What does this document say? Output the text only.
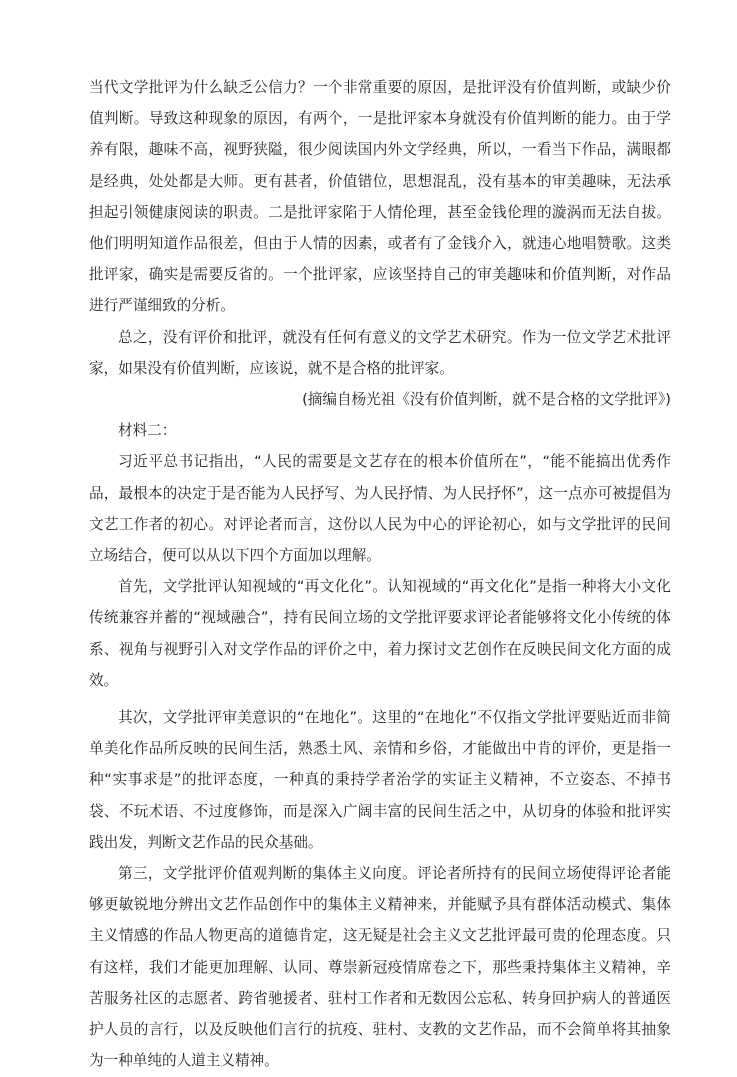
当代文学批评为什么缺乏公信力？一个非常重要的原因，是批评没有价值判断，或缺少价值判断。导致这种现象的原因，有两个，一是批评家本身就没有价值判断的能力。由于学养有限，趣味不高，视野狭隘，很少阅读国内外文学经典，所以，一看当下作品，满眼都是经典，处处都是大师。更有甚者，价值错位，思想混乱，没有基本的审美趣味，无法承担起引领健康阅读的职责。二是批评家陷于人情伦理，甚至金钱伦理的漩涡而无法自拔。他们明明知道作品很差，但由于人情的因素，或者有了金钱介入，就违心地唱赞歌。这类批评家，确实是需要反省的。一个批评家，应该坚持自己的审美趣味和价值判断，对作品进行严谨细致的分析。

总之，没有评价和批评，就没有任何有意义的文学艺术研究。作为一位文学艺术批评家，如果没有价值判断，应该说，就不是合格的批评家。

(摘编自杨光祖《没有价值判断，就不是合格的文学批评》)

材料二：

习近平总书记指出，“人民的需要是文艺存在的根本价值所在”，“能不能搞出优秀作品，最根本的决定于是否能为人民抒写、为人民抒情、为人民抒怀”，这一点亦可被提倡为文艺工作者的初心。对评论者而言，这份以人民为中心的评论初心，如与文学批评的民间立场结合，便可以从以下四个方面加以理解。

首先，文学批评认知视域的“再文化化”。认知视域的“再文化化”是指一种将大小文化传统兼容并蓄的“视域融合”，持有民间立场的文学批评要求评论者能够将文化小传统的体系、视角与视野引入对文学作品的评价之中，着力探讨文艺创作在反映民间文化方面的成效。

其次，文学批评审美意识的“在地化”。这里的“在地化”不仅指文学批评要贴近而非简单美化作品所反映的民间生活，熟悉土风、亲情和乡俗，才能做出中肯的评价，更是指一种“实事求是”的批评态度，一种真的秉持学者治学的实证主义精神，不立姿态、不掉书袋、不玩术语、不过度修饰，而是深入广阔丰富的民间生活之中，从切身的体验和批评实践出发，判断文艺作品的民众基础。

第三，文学批评价值观判断的集体主义向度。评论者所持有的民间立场使得评论者能够更敏锐地分辨出文艺作品创作中的集体主义精神来，并能赋予具有群体活动模式、集体主义情感的作品人物更高的道德肯定，这无疑是社会主义文艺批评最可贵的伦理态度。只有这样，我们才能更加理解、认同、尊崇新冠疫情席卷之下，那些秉持集体主义精神，辛苦服务社区的志愿者、跨省驰援者、驻村工作者和无数因公忘私、转身回护病人的普通医护人员的言行，以及反映他们言行的抗疫、驻村、支教的文艺作品，而不会简单将其抽象为一种单纯的人道主义精神。
